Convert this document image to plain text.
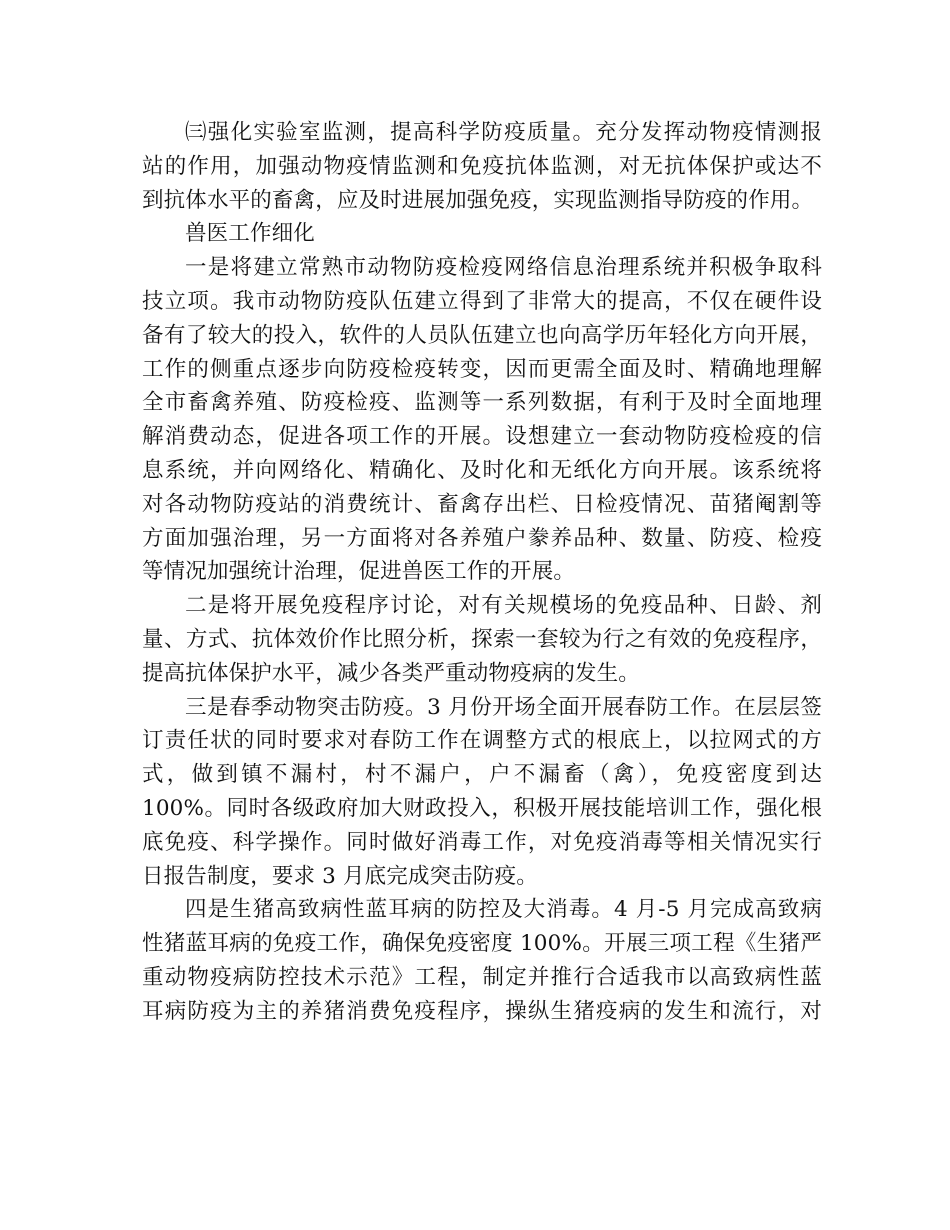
㈢强化实验室监测，提高科学防疫质量。充分发挥动物疫情测报
站的作用，加强动物疫情监测和免疫抗体监测，对无抗体保护或达不
到抗体水平的畜禽，应及时进展加强免疫，实现监测指导防疫的作用。
兽医工作细化
一是将建立常熟市动物防疫检疫网络信息治理系统并积极争取科
技立项。我市动物防疫队伍建立得到了非常大的提高，不仅在硬件设
备有了较大的投入，软件的人员队伍建立也向高学历年轻化方向开展，
工作的侧重点逐步向防疫检疫转变，因而更需全面及时、精确地理解
全市畜禽养殖、防疫检疫、监测等一系列数据，有利于及时全面地理
解消费动态，促进各项工作的开展。设想建立一套动物防疫检疫的信
息系统，并向网络化、精确化、及时化和无纸化方向开展。该系统将
对各动物防疫站的消费统计、畜禽存出栏、日检疫情况、苗猪阉割等
方面加强治理，另一方面将对各养殖户豢养品种、数量、防疫、检疫
等情况加强统计治理，促进兽医工作的开展。
二是将开展免疫程序讨论，对有关规模场的免疫品种、日龄、剂
量、方式、抗体效价作比照分析，探索一套较为行之有效的免疫程序，
提高抗体保护水平，减少各类严重动物疫病的发生。
三是春季动物突击防疫。3 月份开场全面开展春防工作。在层层签
订责任状的同时要求对春防工作在调整方式的根底上，以拉网式的方
式，做到镇不漏村，村不漏户，户不漏畜（禽），免疫密度到达
100%。同时各级政府加大财政投入，积极开展技能培训工作，强化根
底免疫、科学操作。同时做好消毒工作，对免疫消毒等相关情况实行
日报告制度，要求 3 月底完成突击防疫。
四是生猪高致病性蓝耳病的防控及大消毒。4 月-5 月完成高致病
性猪蓝耳病的免疫工作，确保免疫密度 100%。开展三项工程《生猪严
重动物疫病防控技术示范》工程，制定并推行合适我市以高致病性蓝
耳病防疫为主的养猪消费免疫程序，操纵生猪疫病的发生和流行，对
